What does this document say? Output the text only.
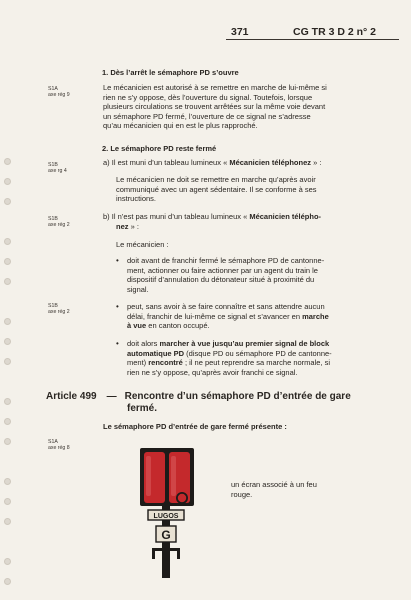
371	CG TR 3 D 2 n° 2
1. Dès l’arrêt le sémaphore PD s’ouvre
S1A
axe rég 9
Le mécanicien est autorisé à se remettre en marche de lui-même si
rien ne s’y oppose, dès l’ouverture du signal. Toutefois, lorsque
plusieurs circulations se trouvent arrêtées sur la même voie devant
un sémaphore PD fermé, l’ouverture de ce signal ne s’adresse
qu’au mécanicien qui en est le plus rapproché.
2. Le sémaphore PD reste fermé
S1B
axe rg 4
a) Il est muni d’un tableau lumineux « Mécanicien téléphonez » :
Le mécanicien ne doit se remettre en marche qu’après avoir
communiqué avec un agent sédentaire. Il se conforme à ses
instructions.
S1B
axe rég 2
b) Il n’est pas muni d’un tableau lumineux « Mécanicien télépho-
nez » :
Le mécanicien :
• doit avant de franchir fermé le sémaphore PD de cantonne-
ment, actionner ou faire actionner par un agent du train le
dispositif d’annulation du détonateur situé à proximité du
signal.
S1B
axe rég 2
• peut, sans avoir à se faire connaître et sans attendre aucun
délai, franchir de lui-même ce signal et s’avancer en marche
à vue en canton occupé.
• doit alors marcher à vue jusqu’au premier signal de block
automatique PD (disque PD ou sémaphore PD de cantonne-
ment) rencontré ; il ne peut reprendre sa marche normale, si
rien ne s’y oppose, qu’après avoir franchi ce signal.
Article 499 — Rencontre d’un sémaphore PD d’entrée de gare
fermé.
Le sémaphore PD d’entrée de gare fermé présente :
S1A
axe rég 8
LUGOS
G
un écran associé à un feu
rouge.
